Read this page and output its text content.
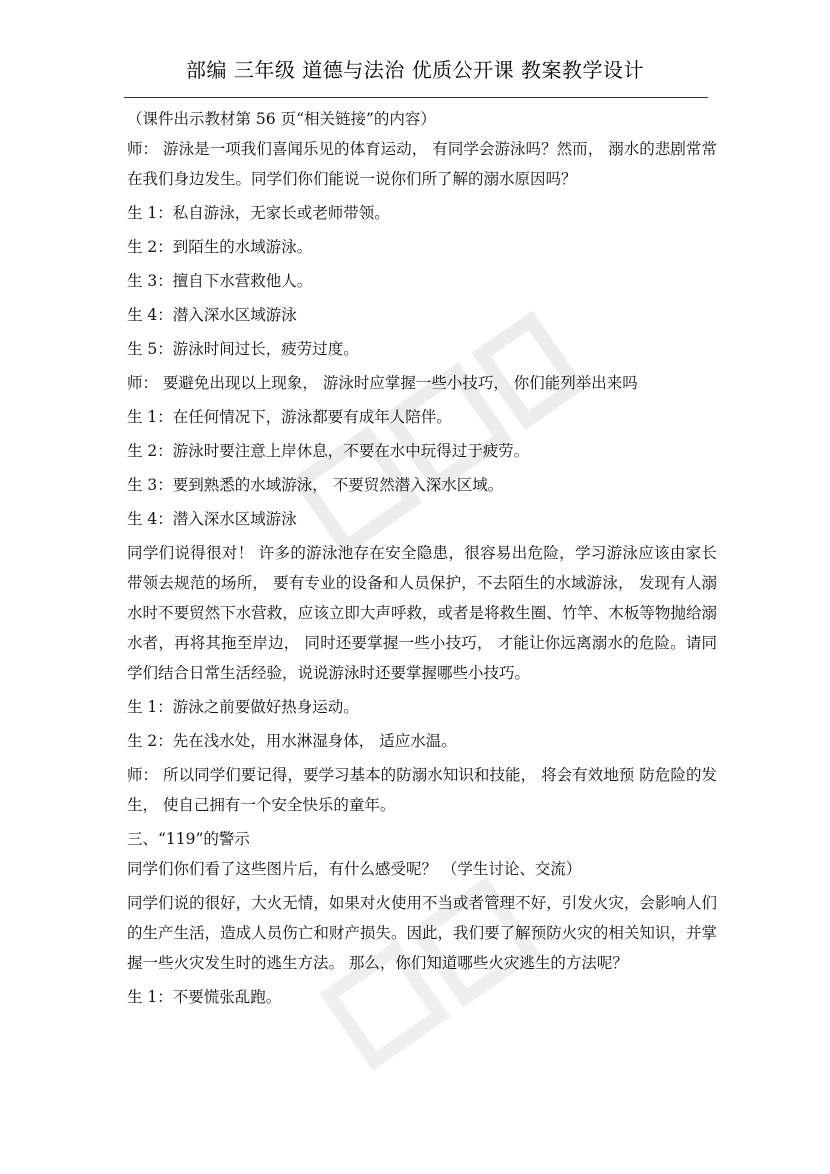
部编 三年级 道德与法治 优质公开课 教案教学设计

（课件出示教材第 56 页“相关链接”的内容）

师： 游泳是一项我们喜闻乐见的体育运动， 有同学会游泳吗？然而， 溺水的悲剧常常在我们身边发生。同学们你们能说一说你们所了解的溺水原因吗？

生 1：私自游泳，无家长或老师带领。

生 2：到陌生的水域游泳。

生 3：擅自下水营救他人。

生 4：潜入深水区域游泳

生 5：游泳时间过长，疲劳过度。

师： 要避免出现以上现象， 游泳时应掌握一些小技巧， 你们能列举出来吗

生 1：在任何情况下，游泳都要有成年人陪伴。

生 2：游泳时要注意上岸休息，不要在水中玩得过于疲劳。

生 3：要到熟悉的水域游泳， 不要贸然潜入深水区域。

生 4：潜入深水区域游泳

同学们说得很对！ 许多的游泳池存在安全隐患，很容易出危险，学习游泳应该由家长带领去规范的场所， 要有专业的设备和人员保护，不去陌生的水域游泳， 发现有人溺水时不要贸然下水营救，应该立即大声呼救，或者是将救生圈、竹竿、木板等物抛给溺水者，再将其拖至岸边， 同时还要掌握一些小技巧， 才能让你远离溺水的危险。请同学们结合日常生活经验，说说游泳时还要掌握哪些小技巧。

生 1：游泳之前要做好热身运动。

生 2：先在浅水处，用水淋湿身体， 适应水温。

师： 所以同学们要记得，要学习基本的防溺水知识和技能， 将会有效地预 防危险的发生， 使自己拥有一个安全快乐的童年。

三、“119”的警示

同学们你们看了这些图片后，有什么感受呢？ （学生讨论、交流）

同学们说的很好，大火无情，如果对火使用不当或者管理不好，引发火灾，会影响人们的生产生活，造成人员伤亡和财产损失。因此，我们要了解预防火灾的相关知识，并掌握一些火灾发生时的逃生方法。 那么，你们知道哪些火灾逃生的方法呢？

生 1：不要慌张乱跑。
